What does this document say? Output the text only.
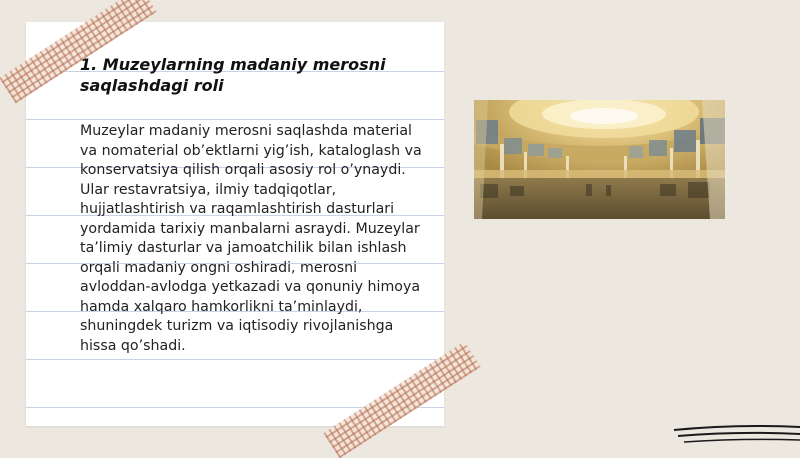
1. Muzeylarning madaniy merosni saqlashdagi roli

Muzeylar madaniy merosni saqlashda material va nomaterial ob’ektlarni yig’ish, kataloglash va konservatsiya qilish orqali asosiy rol o’ynaydi. Ular restavratsiya, ilmiy tadqiqotlar, hujjatlashtirish va raqamlashtirish dasturlari yordamida tarixiy manbalarni asraydi. Muzeylar ta’limiy dasturlar va jamoatchilik bilan ishlash orqali madaniy ongni oshiradi, merosni avloddan-avlodga yetkazadi va qonuniy himoya hamda xalqaro hamkorlikni ta’minlaydi, shuningdek turizm va iqtisodiy rivojlanishga hissa qo’shadi.
